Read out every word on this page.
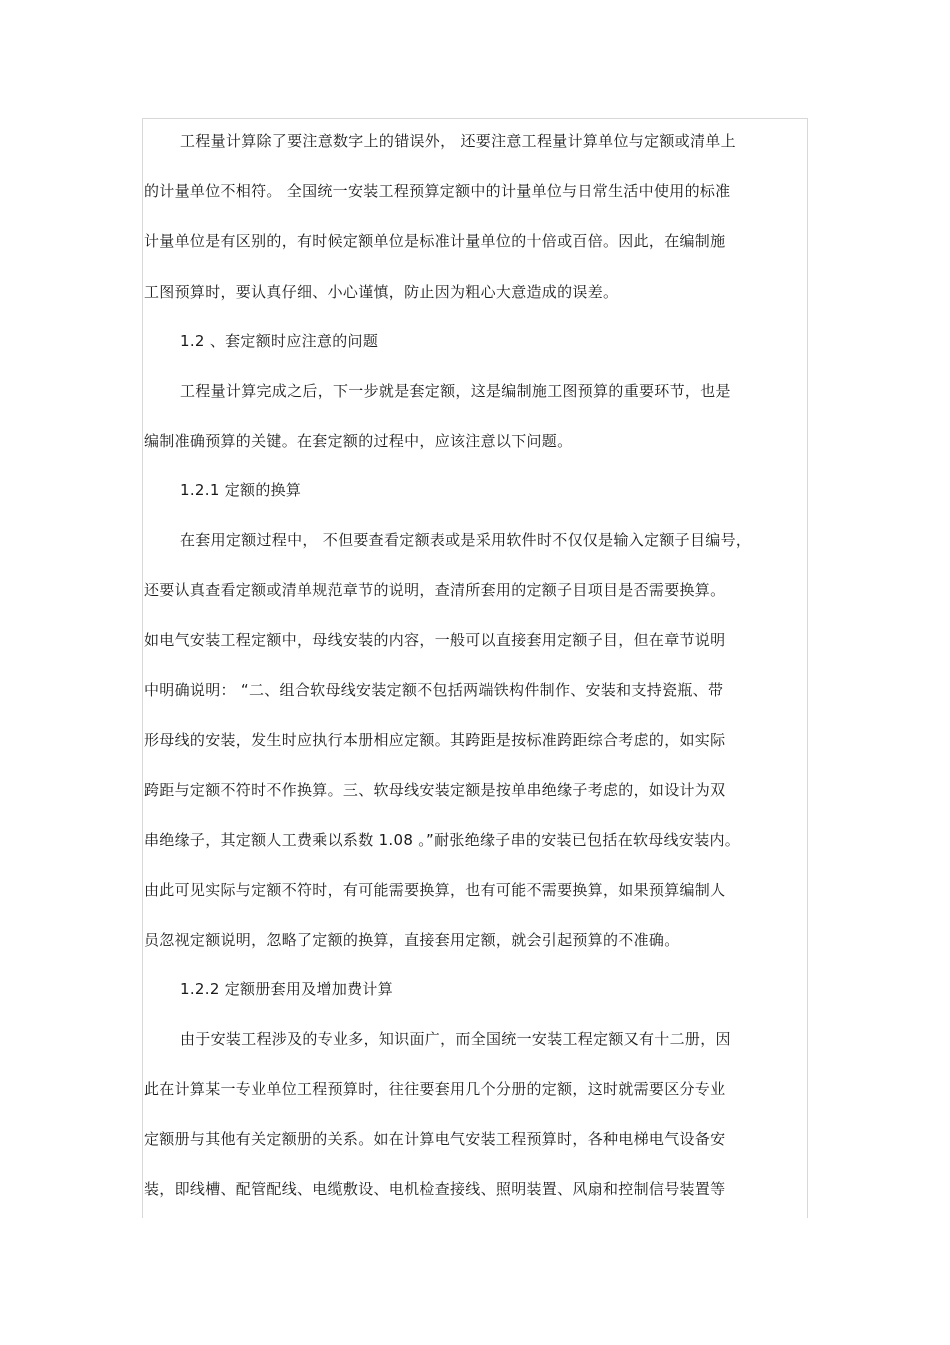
工程量计算除了要注意数字上的错误外， 还要注意工程量计算单位与定额或清单上
的计量单位不相符。 全国统一安装工程预算定额中的计量单位与日常生活中使用的标准
计量单位是有区别的，有时候定额单位是标准计量单位的十倍或百倍。因此，在编制施
工图预算时，要认真仔细、小心谨慎，防止因为粗心大意造成的误差。
1.2 、套定额时应注意的问题
工程量计算完成之后，下一步就是套定额，这是编制施工图预算的重要环节，也是
编制准确预算的关键。在套定额的过程中，应该注意以下问题。
1.2.1 定额的换算
在套用定额过程中， 不但要查看定额表或是采用软件时不仅仅是输入定额子目编号，
还要认真查看定额或清单规范章节的说明，查清所套用的定额子目项目是否需要换算。
如电气安装工程定额中，母线安装的内容，一般可以直接套用定额子目，但在章节说明
中明确说明： “二、组合软母线安装定额不包括两端铁构件制作、安装和支持瓷瓶、带
形母线的安装，发生时应执行本册相应定额。其跨距是按标准跨距综合考虑的，如实际
跨距与定额不符时不作换算。三、软母线安装定额是按单串绝缘子考虑的，如设计为双
串绝缘子，其定额人工费乘以系数 1.08 。”耐张绝缘子串的安装已包括在软母线安装内。
由此可见实际与定额不符时，有可能需要换算，也有可能不需要换算，如果预算编制人
员忽视定额说明，忽略了定额的换算，直接套用定额，就会引起预算的不准确。
1.2.2 定额册套用及增加费计算
由于安装工程涉及的专业多，知识面广，而全国统一安装工程定额又有十二册，因
此在计算某一专业单位工程预算时，往往要套用几个分册的定额，这时就需要区分专业
定额册与其他有关定额册的关系。如在计算电气安装工程预算时，各种电梯电气设备安
装，即线槽、配管配线、电缆敷设、电机检查接线、照明装置、风扇和控制信号装置等
